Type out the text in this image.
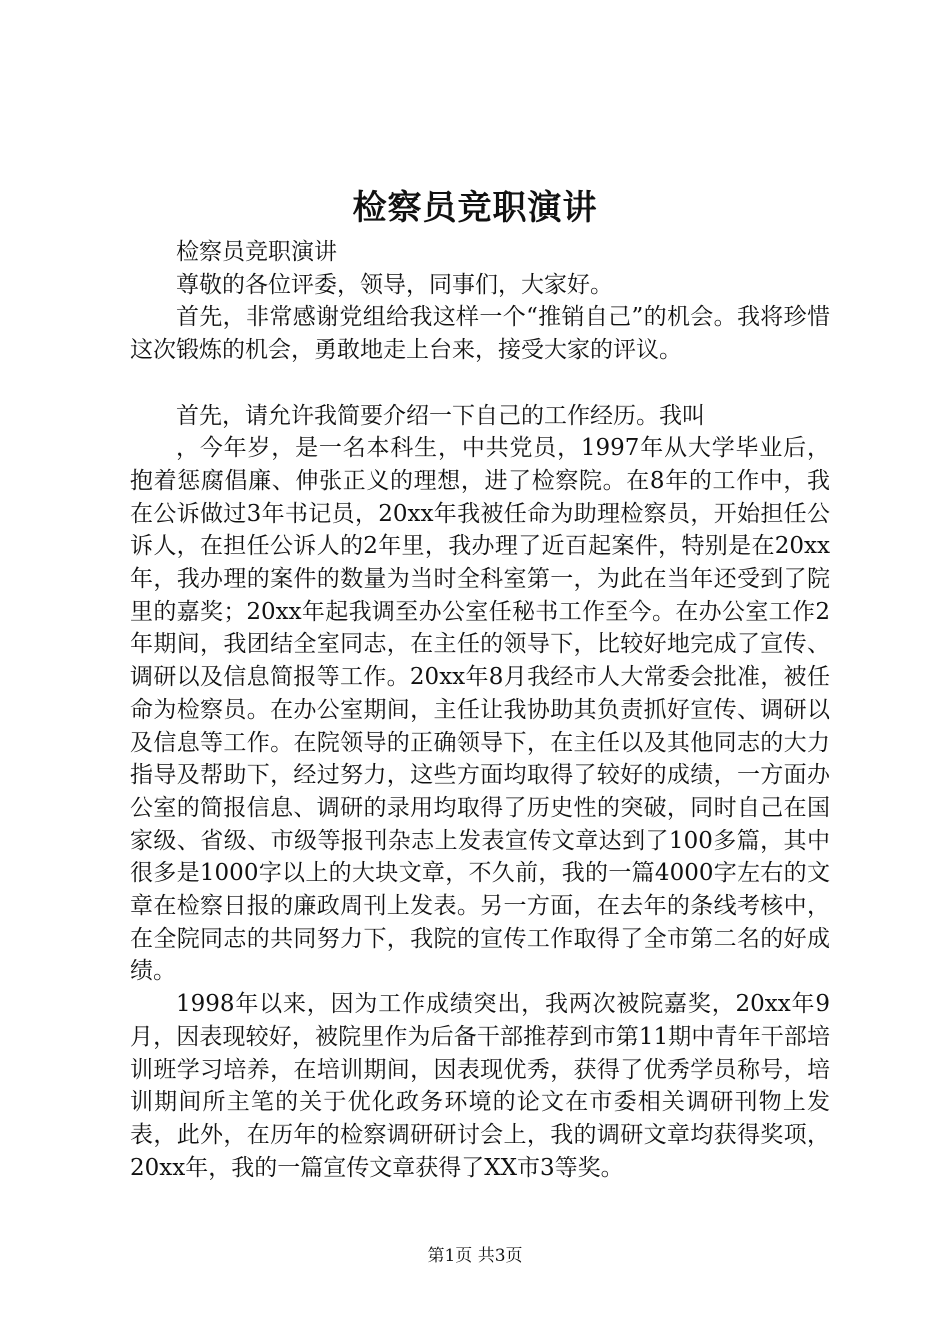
检察员竞职演讲

检察员竞职演讲

尊敬的各位评委，领导，同事们，大家好。

首先，非常感谢党组给我这样一个“推销自己”的机会。我将珍惜这次锻炼的机会，勇敢地走上台来，接受大家的评议。

首先，请允许我简要介绍一下自己的工作经历。我叫

，今年岁，是一名本科生，中共党员，1997年从大学毕业后，抱着惩腐倡廉、伸张正义的理想，进了检察院。在8年的工作中，我在公诉做过3年书记员，20xx年我被任命为助理检察员，开始担任公诉人，在担任公诉人的2年里，我办理了近百起案件，特别是在20xx年，我办理的案件的数量为当时全科室第一，为此在当年还受到了院里的嘉奖；20xx年起我调至办公室任秘书工作至今。在办公室工作2年期间，我团结全室同志，在主任的领导下，比较好地完成了宣传、调研以及信息简报等工作。20xx年8月我经市人大常委会批准，被任命为检察员。在办公室期间，主任让我协助其负责抓好宣传、调研以及信息等工作。在院领导的正确领导下，在主任以及其他同志的大力指导及帮助下，经过努力，这些方面均取得了较好的成绩，一方面办公室的简报信息、调研的录用均取得了历史性的突破，同时自己在国家级、省级、市级等报刊杂志上发表宣传文章达到了100多篇，其中很多是1000字以上的大块文章，不久前，我的一篇4000字左右的文章在检察日报的廉政周刊上发表。另一方面，在去年的条线考核中，在全院同志的共同努力下，我院的宣传工作取得了全市第二名的好成绩。

1998年以来，因为工作成绩突出，我两次被院嘉奖，20xx年9月，因表现较好，被院里作为后备干部推荐到市第11期中青年干部培训班学习培养，在培训期间，因表现优秀，获得了优秀学员称号，培训期间所主笔的关于优化政务环境的论文在市委相关调研刊物上发表，此外，在历年的检察调研研讨会上，我的调研文章均获得奖项，20xx年，我的一篇宣传文章获得了XX市3等奖。

第1页 共3页
